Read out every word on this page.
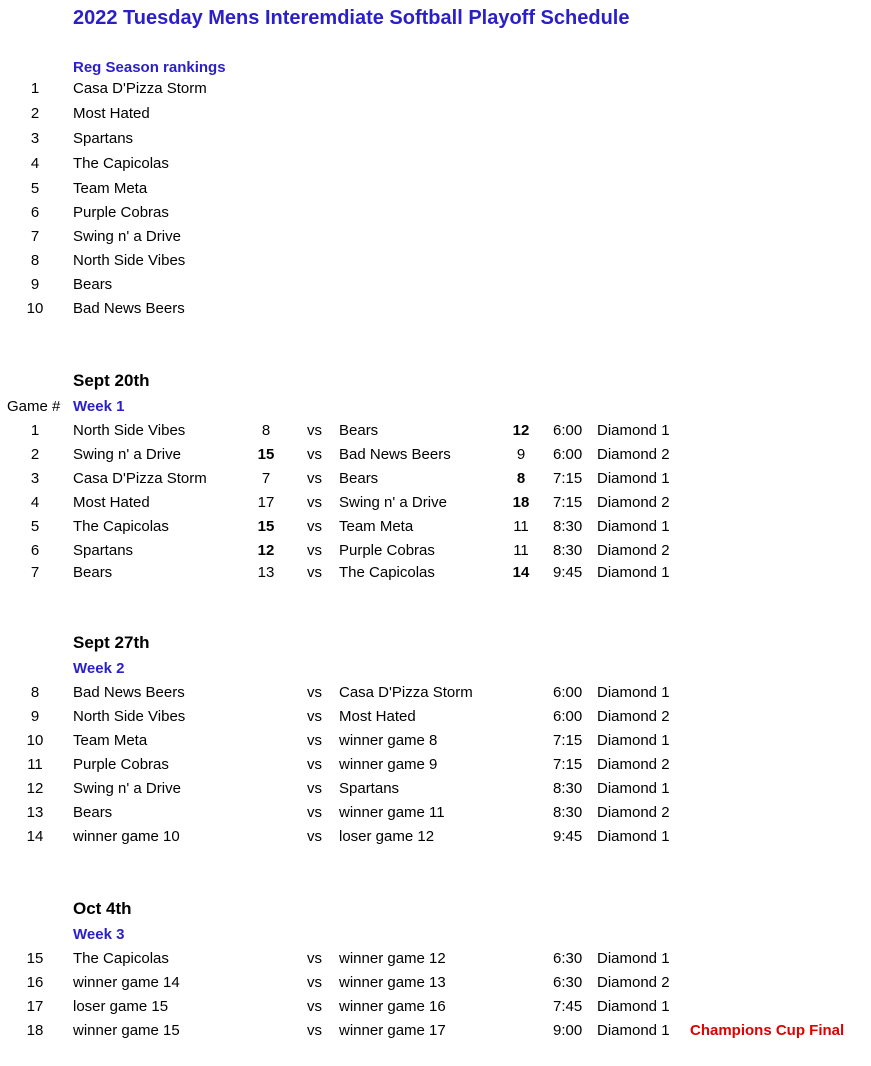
2022 Tuesday Mens Interemdiate Softball Playoff Schedule
Reg Season rankings
1	Casa D'Pizza Storm
2	Most Hated
3	Spartans
4	The Capicolas
5	Team Meta
6	Purple Cobras
7	Swing n' a Drive
8	North Side Vibes
9	Bears
10	Bad News Beers
Sept 20th
Week 1
Game #
1	North Side Vibes	8	vs Bears	12	6:00 Diamond 1
2	Swing n' a Drive	15	vs Bad News Beers	9	6:00 Diamond 2
3	Casa D'Pizza Storm	7	vs Bears	8	7:15 Diamond 1
4	Most Hated	17	vs Swing n' a Drive	18	7:15 Diamond 2
5	The Capicolas	15	vs Team Meta	11	8:30 Diamond 1
6	Spartans	12	vs Purple Cobras	11	8:30 Diamond 2
7	Bears	13	vs The Capicolas	14	9:45 Diamond 1
Sept 27th
Week 2
8	Bad News Beers	vs Casa D'Pizza Storm	6:00 Diamond 1
9	North Side Vibes	vs Most Hated	6:00 Diamond 2
10	Team Meta	vs winner game 8	7:15 Diamond 1
11	Purple Cobras	vs winner game 9	7:15 Diamond 2
12	Swing n' a Drive	vs Spartans	8:30 Diamond 1
13	Bears	vs winner game 11	8:30 Diamond 2
14	winner game 10	vs loser game 12	9:45 Diamond 1
Oct 4th
Week 3
15	The Capicolas	vs winner game 12	6:30 Diamond 1
16	winner game 14	vs winner game 13	6:30 Diamond 2
17	loser game 15	vs winner game 16	7:45 Diamond 1
18	winner game 15	vs winner game 17	9:00 Diamond 1 Champions Cup Final
